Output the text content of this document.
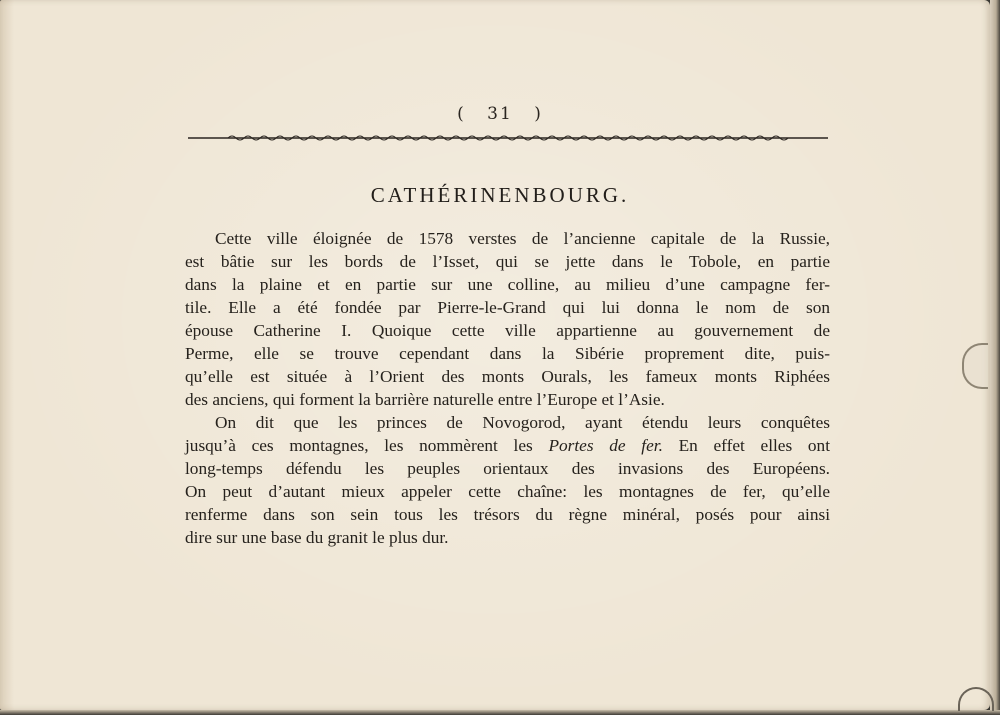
( 31 )
CATHÉRINENBOURG.

Cette ville éloignée de 1578 verstes de l’ancienne capitale de la Russie,
est bâtie sur les bords de l’Isset, qui se jette dans le Tobole, en partie
dans la plaine et en partie sur une colline, au milieu d’une campagne fer-
tile. Elle a été fondée par Pierre-le-Grand qui lui donna le nom de son
épouse Catherine I. Quoique cette ville appartienne au gouvernement de
Perme, elle se trouve cependant dans la Sibérie proprement dite, puis-
qu’elle est située à l’Orient des monts Ourals, les fameux monts Riphées
des anciens, qui forment la barrière naturelle entre l’Europe et l’Asie.

On dit que les princes de Novogorod, ayant étendu leurs conquêtes
jusqu’à ces montagnes, les nommèrent les Portes de fer. En effet elles ont
long-temps défendu les peuples orientaux des invasions des Européens.
On peut d’autant mieux appeler cette chaîne: les montagnes de fer, qu’elle
renferme dans son sein tous les trésors du règne minéral, posés pour ainsi
dire sur une base du granit le plus dur.
